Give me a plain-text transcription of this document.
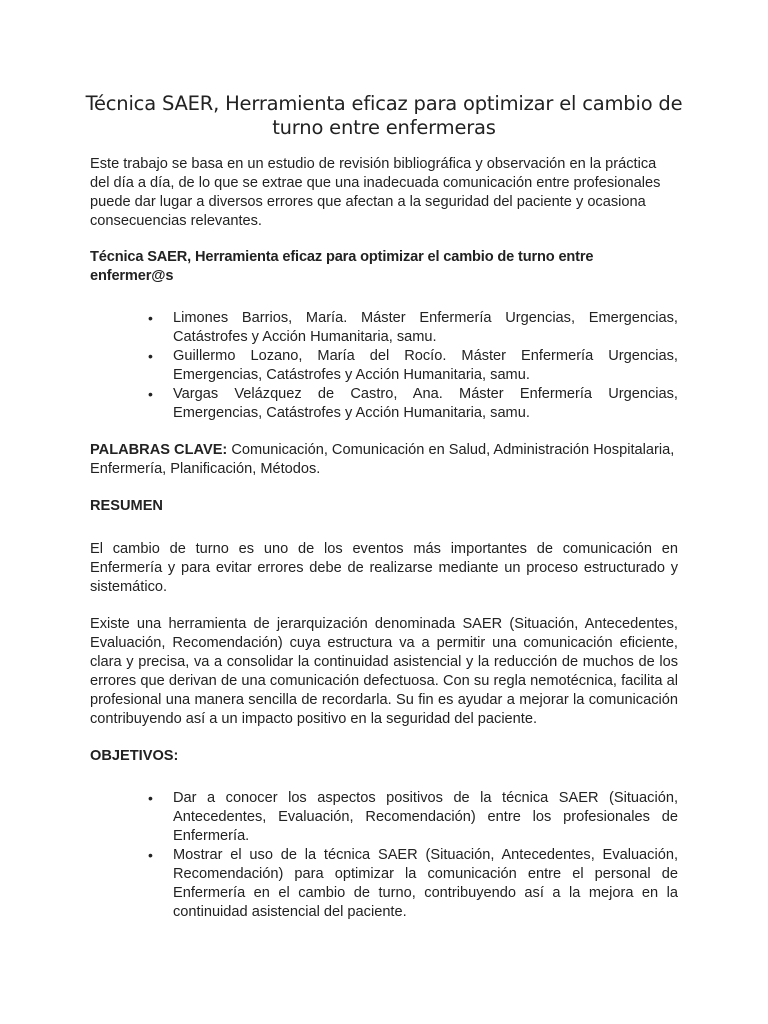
Técnica SAER, Herramienta eficaz para optimizar el cambio de turno entre enfermeras

Este trabajo se basa en un estudio de revisión bibliográfica y observación en la práctica del día a día, de lo que se extrae que una inadecuada comunicación entre profesionales puede dar lugar a diversos errores que afectan a la seguridad del paciente y ocasiona consecuencias relevantes.

Técnica SAER, Herramienta eficaz para optimizar el cambio de turno entre enfermer@s

• Limones Barrios, María. Máster Enfermería Urgencias, Emergencias, Catástrofes y Acción Humanitaria, samu.
• Guillermo Lozano, María del Rocío. Máster Enfermería Urgencias, Emergencias, Catástrofes y Acción Humanitaria, samu.
• Vargas Velázquez de Castro, Ana. Máster Enfermería Urgencias, Emergencias, Catástrofes y Acción Humanitaria, samu.

PALABRAS CLAVE: Comunicación, Comunicación en Salud, Administración Hospitalaria, Enfermería, Planificación, Métodos.

RESUMEN

El cambio de turno es uno de los eventos más importantes de comunicación en Enfermería y para evitar errores debe de realizarse mediante un proceso estructurado y sistemático.

Existe una herramienta de jerarquización denominada SAER (Situación, Antecedentes, Evaluación, Recomendación) cuya estructura va a permitir una comunicación eficiente, clara y precisa, va a consolidar la continuidad asistencial y la reducción de muchos de los errores que derivan de una comunicación defectuosa. Con su regla nemotécnica, facilita al profesional una manera sencilla de recordarla. Su fin es ayudar a mejorar la comunicación contribuyendo así a un impacto positivo en la seguridad del paciente.

OBJETIVOS:

• Dar a conocer los aspectos positivos de la técnica SAER (Situación, Antecedentes, Evaluación, Recomendación) entre los profesionales de Enfermería.
• Mostrar el uso de la técnica SAER (Situación, Antecedentes, Evaluación, Recomendación) para optimizar la comunicación entre el personal de Enfermería en el cambio de turno, contribuyendo así a la mejora en la continuidad asistencial del paciente.
